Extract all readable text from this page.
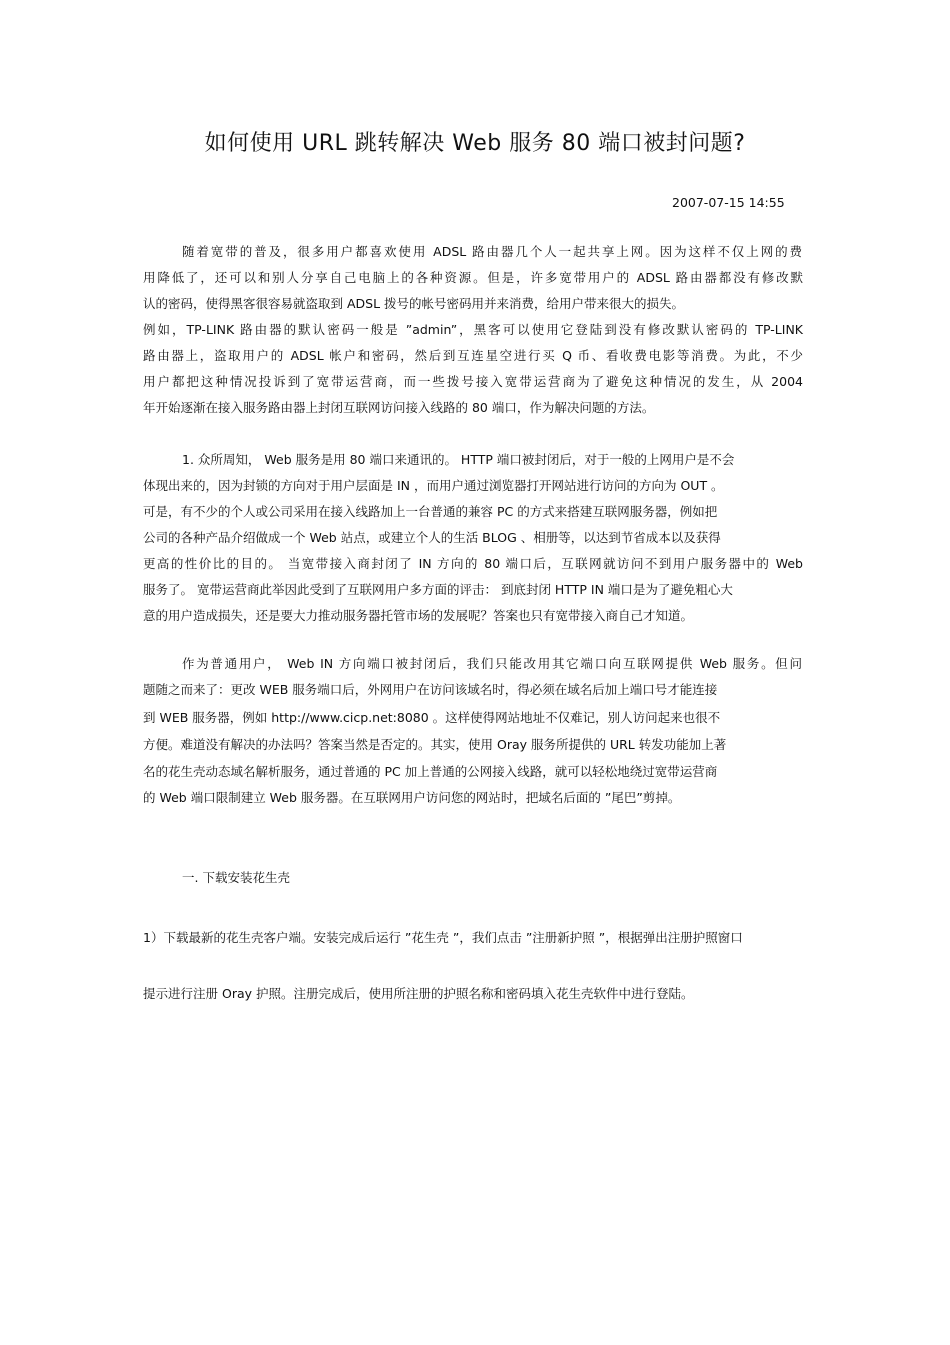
如何使用 URL 跳转解决 Web 服务 80 端口被封问题?
2007-07-15 14:55
随着宽带的普及，很多用户都喜欢使用 ADSL 路由器几个人一起共享上网。因为这样不仅上网的费
用降低了，还可以和别人分享自己电脑上的各种资源。但是，许多宽带用户的 ADSL 路由器都没有修改默
认的密码，使得黑客很容易就盗取到 ADSL 拨号的帐号密码用并来消费，给用户带来很大的损失。
例如，TP-LINK 路由器的默认密码一般是 ”admin”，黑客可以使用它登陆到没有修改默认密码的 TP-LINK
路由器上，盗取用户的 ADSL 帐户和密码，然后到互连星空进行买 Q 币、看收费电影等消费。为此，不少
用户都把这种情况投诉到了宽带运营商，而一些拨号接入宽带运营商为了避免这种情况的发生，从 2004
年开始逐渐在接入服务路由器上封闭互联网访问接入线路的 80 端口，作为解决问题的方法。
1. 众所周知， Web 服务是用 80 端口来通讯的。 HTTP 端口被封闭后，对于一般的上网用户是不会
体现出来的，因为封锁的方向对于用户层面是 IN ，而用户通过浏览器打开网站进行访问的方向为 OUT 。
可是，有不少的个人或公司采用在接入线路加上一台普通的兼容 PC 的方式来搭建互联网服务器，例如把
公司的各种产品介绍做成一个 Web 站点，或建立个人的生活 BLOG 、相册等，以达到节省成本以及获得
更高的性价比的目的。 当宽带接入商封闭了 IN 方向的 80 端口后，互联网就访问不到用户服务器中的 Web
服务了。 宽带运营商此举因此受到了互联网用户多方面的评击： 到底封闭 HTTP IN 端口是为了避免粗心大
意的用户造成损失，还是要大力推动服务器托管市场的发展呢？答案也只有宽带接入商自己才知道。
作为普通用户， Web IN 方向端口被封闭后，我们只能改用其它端口向互联网提供 Web 服务。但问
题随之而来了：更改 WEB 服务端口后，外网用户在访问该域名时，得必须在域名后加上端口号才能连接
到 WEB 服务器，例如 http://www.cicp.net:8080 。这样使得网站地址不仅难记，别人访问起来也很不
方便。难道没有解决的办法吗？答案当然是否定的。其实，使用 Oray 服务所提供的 URL 转发功能加上著
名的花生壳动态域名解析服务，通过普通的 PC 加上普通的公网接入线路，就可以轻松地绕过宽带运营商
的 Web 端口限制建立 Web 服务器。在互联网用户访问您的网站时，把域名后面的 ”尾巴”剪掉。
一. 下载安装花生壳
1）下载最新的花生壳客户端。安装完成后运行 ”花生壳 ”，我们点击 ”注册新护照 ”，根据弹出注册护照窗口
提示进行注册 Oray 护照。注册完成后，使用所注册的护照名称和密码填入花生壳软件中进行登陆。
